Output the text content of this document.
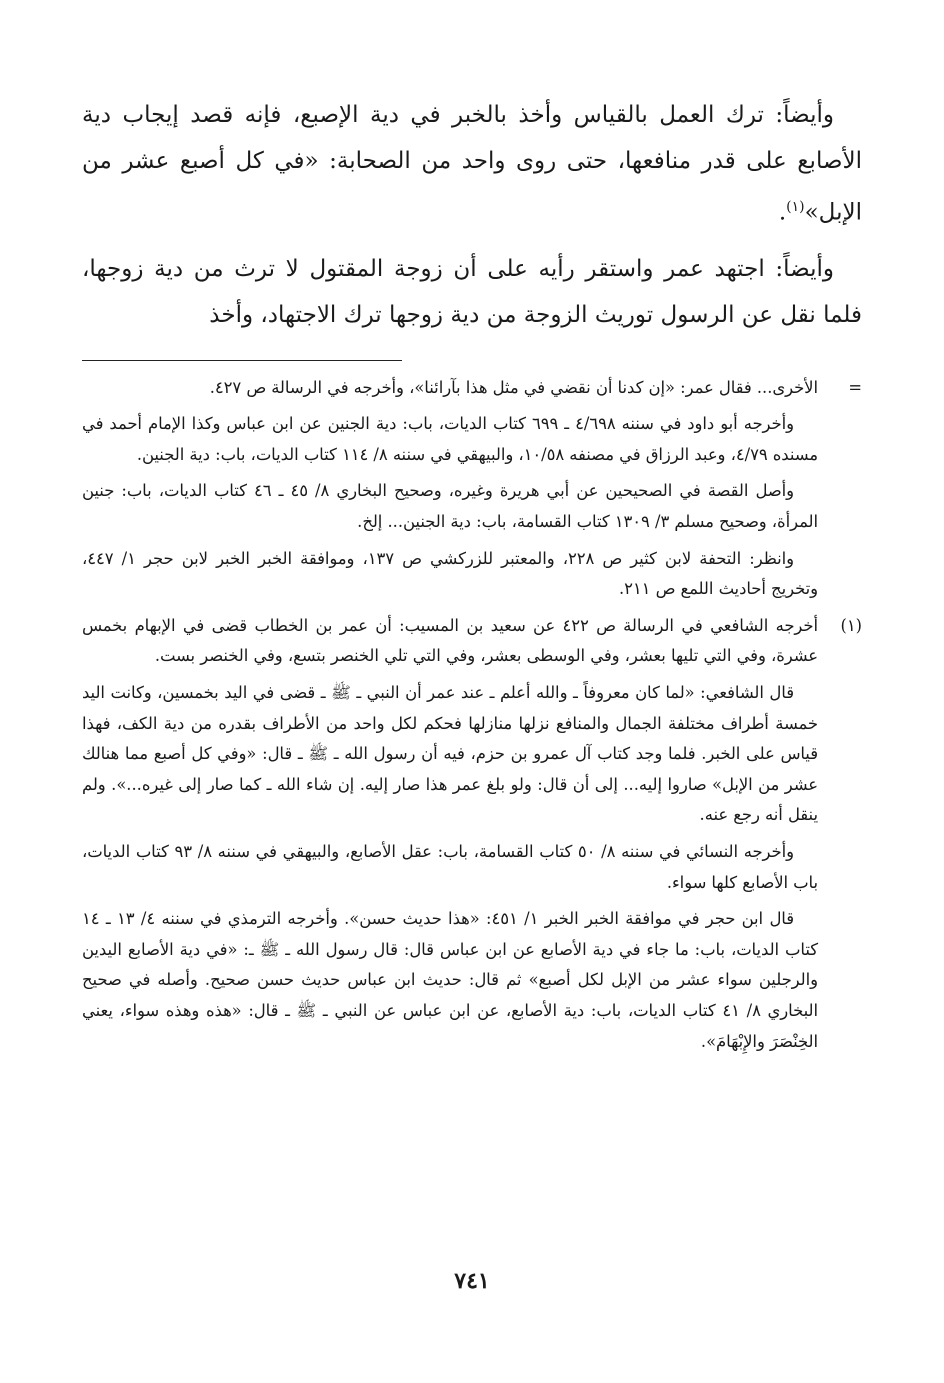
وأيضاً: ترك العمل بالقياس وأخذ بالخبر في دية الإصبع، فإنه قصد إيجاب دية الأصابع على قدر منافعها، حتى روى واحد من الصحابة: «في كل أصبع عشر من الإبل»$^{(١)}$.

وأيضاً: اجتهد عمر واستقر رأيه على أن زوجة المقتول لا ترث من دية زوجها، فلما نقل عن الرسول توريث الزوجة من دية زوجها ترك الاجتهاد، وأخذ

=

الأخرى... فقال عمر: «إن كدنا أن نقضي في مثل هذا بآرائنا»، وأخرجه في الرسالة ص ٤٢٧.

وأخرجه أبو داود في سننه ٤/٦٩٨ ـ ٦٩٩ كتاب الديات، باب: دية الجنين عن ابن عباس وكذا الإمام أحمد في مسنده ٤/٧٩، وعبد الرزاق في مصنفه ١٠/٥٨، والبيهقي في سننه ٨/ ١١٤ كتاب الديات، باب: دية الجنين.

وأصل القصة في الصحيحين عن أبي هريرة وغيره، وصحيح البخاري ٨/ ٤٥ ـ ٤٦ كتاب الديات، باب: جنين المرأة، وصحيح مسلم ٣/ ١٣٠٩ كتاب القسامة، باب: دية الجنين... إلخ.

وانظر: التحفة لابن كثير ص ٢٢٨، والمعتبر للزركشي ص ١٣٧، وموافقة الخبر الخبر لابن حجر ١/ ٤٤٧، وتخريج أحاديث اللمع ص ٢١١.

(١)

أخرجه الشافعي في الرسالة ص ٤٢٢ عن سعيد بن المسيب: أن عمر بن الخطاب قضى في الإبهام بخمس عشرة، وفي التي تليها بعشر، وفي الوسطى بعشر، وفي التي تلي الخنصر بتسع، وفي الخنصر بست.

قال الشافعي: «لما كان معروفاً ـ والله أعلم ـ عند عمر أن النبي ـ ﷺ ـ قضى في اليد بخمسين، وكانت اليد خمسة أطراف مختلفة الجمال والمنافع نزلها منازلها فحكم لكل واحد من الأطراف بقدره من دية الكف، فهذا قياس على الخبر. فلما وجد كتاب آل عمرو بن حزم، فيه أن رسول الله ـ ﷺ ـ قال: «وفي كل أصبع مما هنالك عشر من الإبل» صاروا إليه... إلى أن قال: ولو بلغ عمر هذا صار إليه. إن شاء الله ـ كما صار إلى غيره...». ولم ينقل أنه رجع عنه.

وأخرجه النسائي في سننه ٨/ ٥٠ كتاب القسامة، باب: عقل الأصابع، والبيهقي في سننه ٨/ ٩٣ كتاب الديات، باب الأصابع كلها سواء.

قال ابن حجر في موافقة الخبر الخبر ١/ ٤٥١: «هذا حديث حسن». وأخرجه الترمذي في سننه ٤/ ١٣ ـ ١٤ كتاب الديات، باب: ما جاء في دية الأصابع عن ابن عباس قال: قال رسول الله ـ ﷺ ـ: «في دية الأصابع اليدين والرجلين سواء عشر من الإبل لكل أصبع» ثم قال: حديث ابن عباس حديث حسن صحيح. وأصله في صحيح البخاري ٨/ ٤١ كتاب الديات، باب: دية الأصابع، عن ابن عباس عن النبي ـ ﷺ ـ قال: «هذه وهذه سواء، يعني الخِنْصَرَ والإِبْهَامَ».

٧٤١
